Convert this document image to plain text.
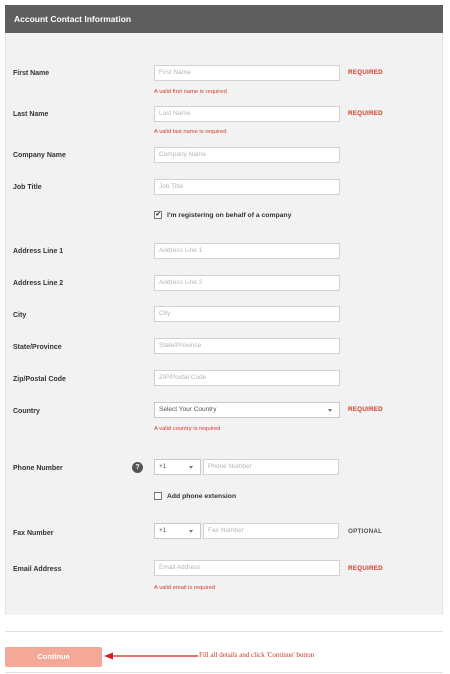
Account Contact Information
First Name	First Name	REQUIRED
A valid first name is required
Last Name	Last Name	REQUIRED
A valid last name is required
Company Name	Company Name
Job Title	Job Title
✔ I'm registering on behalf of a company
Address Line 1	Address Line 1
Address Line 2	Address Line 2
City	City
State/Province	State/Province
Zip/Postal Code	ZIP/Postal Code
Country	Select Your Country	REQUIRED
A valid country is required
Phone Number	?	+1	Phone Number
Add phone extension
Fax Number	+1	Fax Number	OPTIONAL
Email Address	Email Address	REQUIRED
A valid email is required
Continue	Fill all details and click 'Continue' button
